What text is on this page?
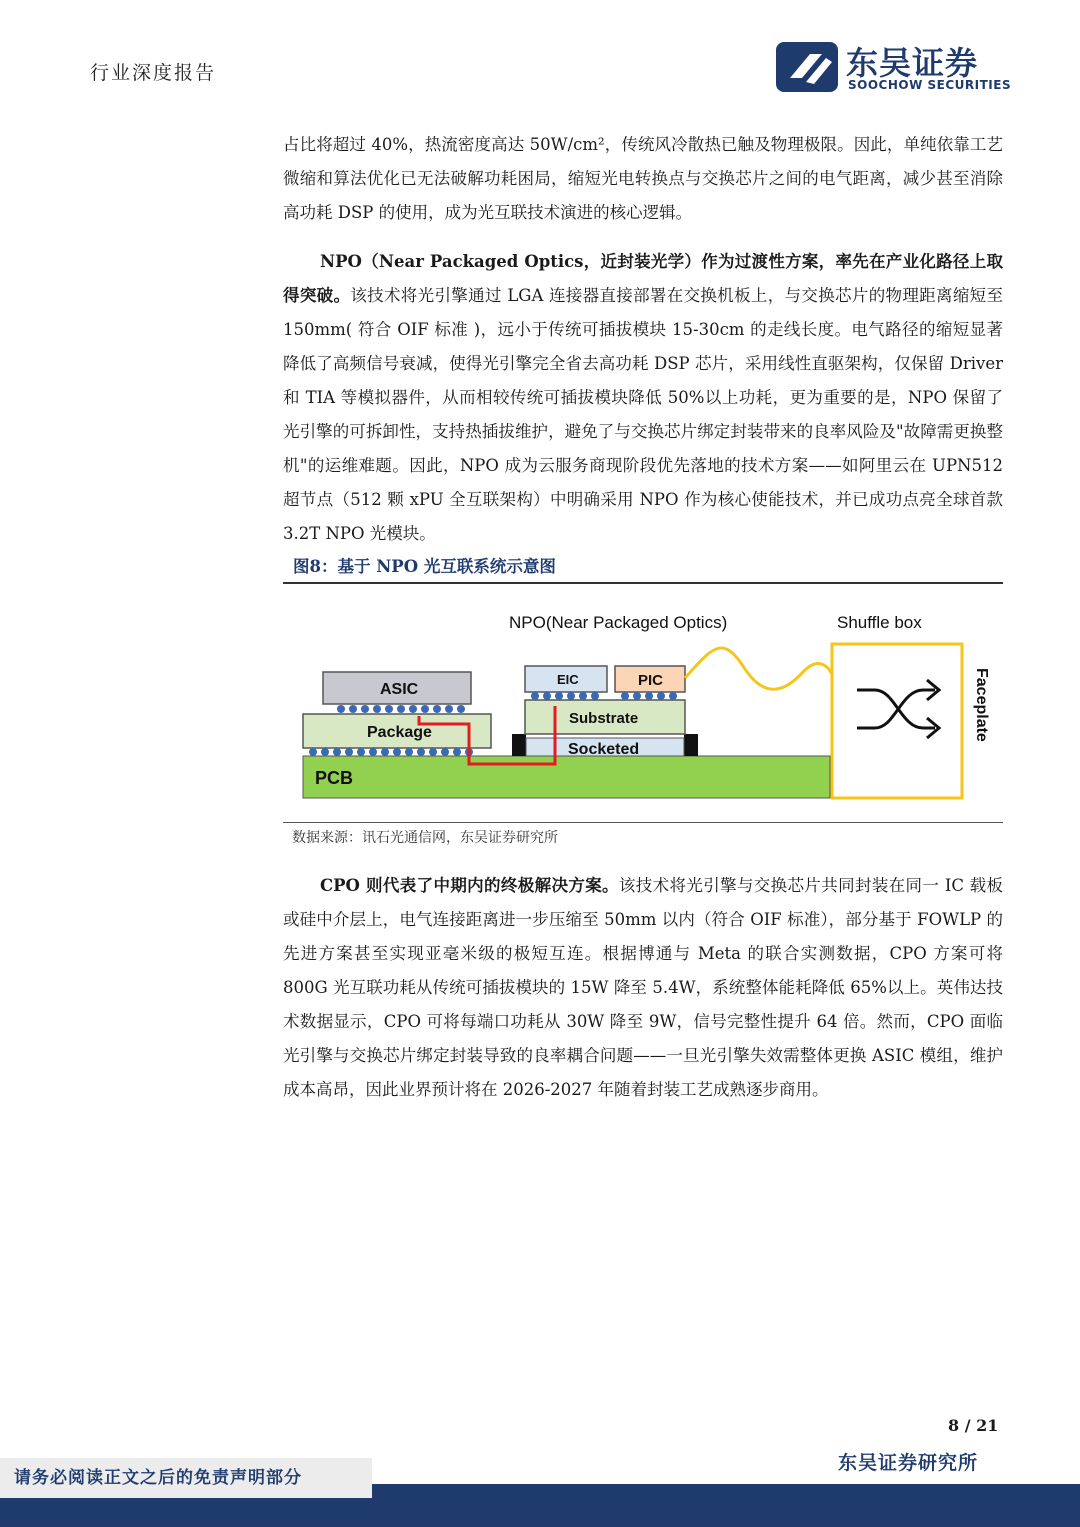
行业深度报告	东吴证券
SOOCHOW SECURITIES

占比将超过 40%，热流密度高达 50W/cm²，传统风冷散热已触及物理极限。因此，单纯依靠工艺微缩和算法优化已无法破解功耗困局，缩短光电转换点与交换芯片之间的电气距离，减少甚至消除高功耗 DSP 的使用，成为光互联技术演进的核心逻辑。

NPO（Near Packaged Optics，近封装光学）作为过渡性方案，率先在产业化路径上取得突破。该技术将光引擎通过 LGA 连接器直接部署在交换机板上，与交换芯片的物理距离缩短至 150mm( 符合 OIF 标准 )，远小于传统可插拔模块 15-30cm 的走线长度。电气路径的缩短显著降低了高频信号衰减，使得光引擎完全省去高功耗 DSP 芯片，采用线性直驱架构，仅保留 Driver 和 TIA 等模拟器件，从而相较传统可插拔模块降低 50%以上功耗，更为重要的是，NPO 保留了光引擎的可拆卸性，支持热插拔维护，避免了与交换芯片绑定封装带来的良率风险及"故障需更换整机"的运维难题。因此，NPO 成为云服务商现阶段优先落地的技术方案——如阿里云在 UPN512 超节点（512 颗 xPU 全互联架构）中明确采用 NPO 作为核心使能技术，并已成功点亮全球首款 3.2T NPO 光模块。

图8：基于 NPO 光互联系统示意图
NPO(Near Packaged Optics)	Shuffle box
PCB
Package
ASIC
Socketed
Substrate
EIC	PIC	Faceplate
数据来源：讯石光通信网，东吴证券研究所

CPO 则代表了中期内的终极解决方案。该技术将光引擎与交换芯片共同封装在同一 IC 载板或硅中介层上，电气连接距离进一步压缩至 50mm 以内（符合 OIF 标准），部分基于 FOWLP 的先进方案甚至实现亚毫米级的极短互连。根据博通与 Meta 的联合实测数据，CPO 方案可将 800G 光互联功耗从传统可插拔模块的 15W 降至 5.4W，系统整体能耗降低 65%以上。英伟达技术数据显示，CPO 可将每端口功耗从 30W 降至 9W，信号完整性提升 64 倍。然而，CPO 面临光引擎与交换芯片绑定封装导致的良率耦合问题——一旦光引擎失效需整体更换 ASIC 模组，维护成本高昂，因此业界预计将在 2026-2027 年随着封装工艺成熟逐步商用。

8 / 21
东吴证券研究所
请务必阅读正文之后的免责声明部分
